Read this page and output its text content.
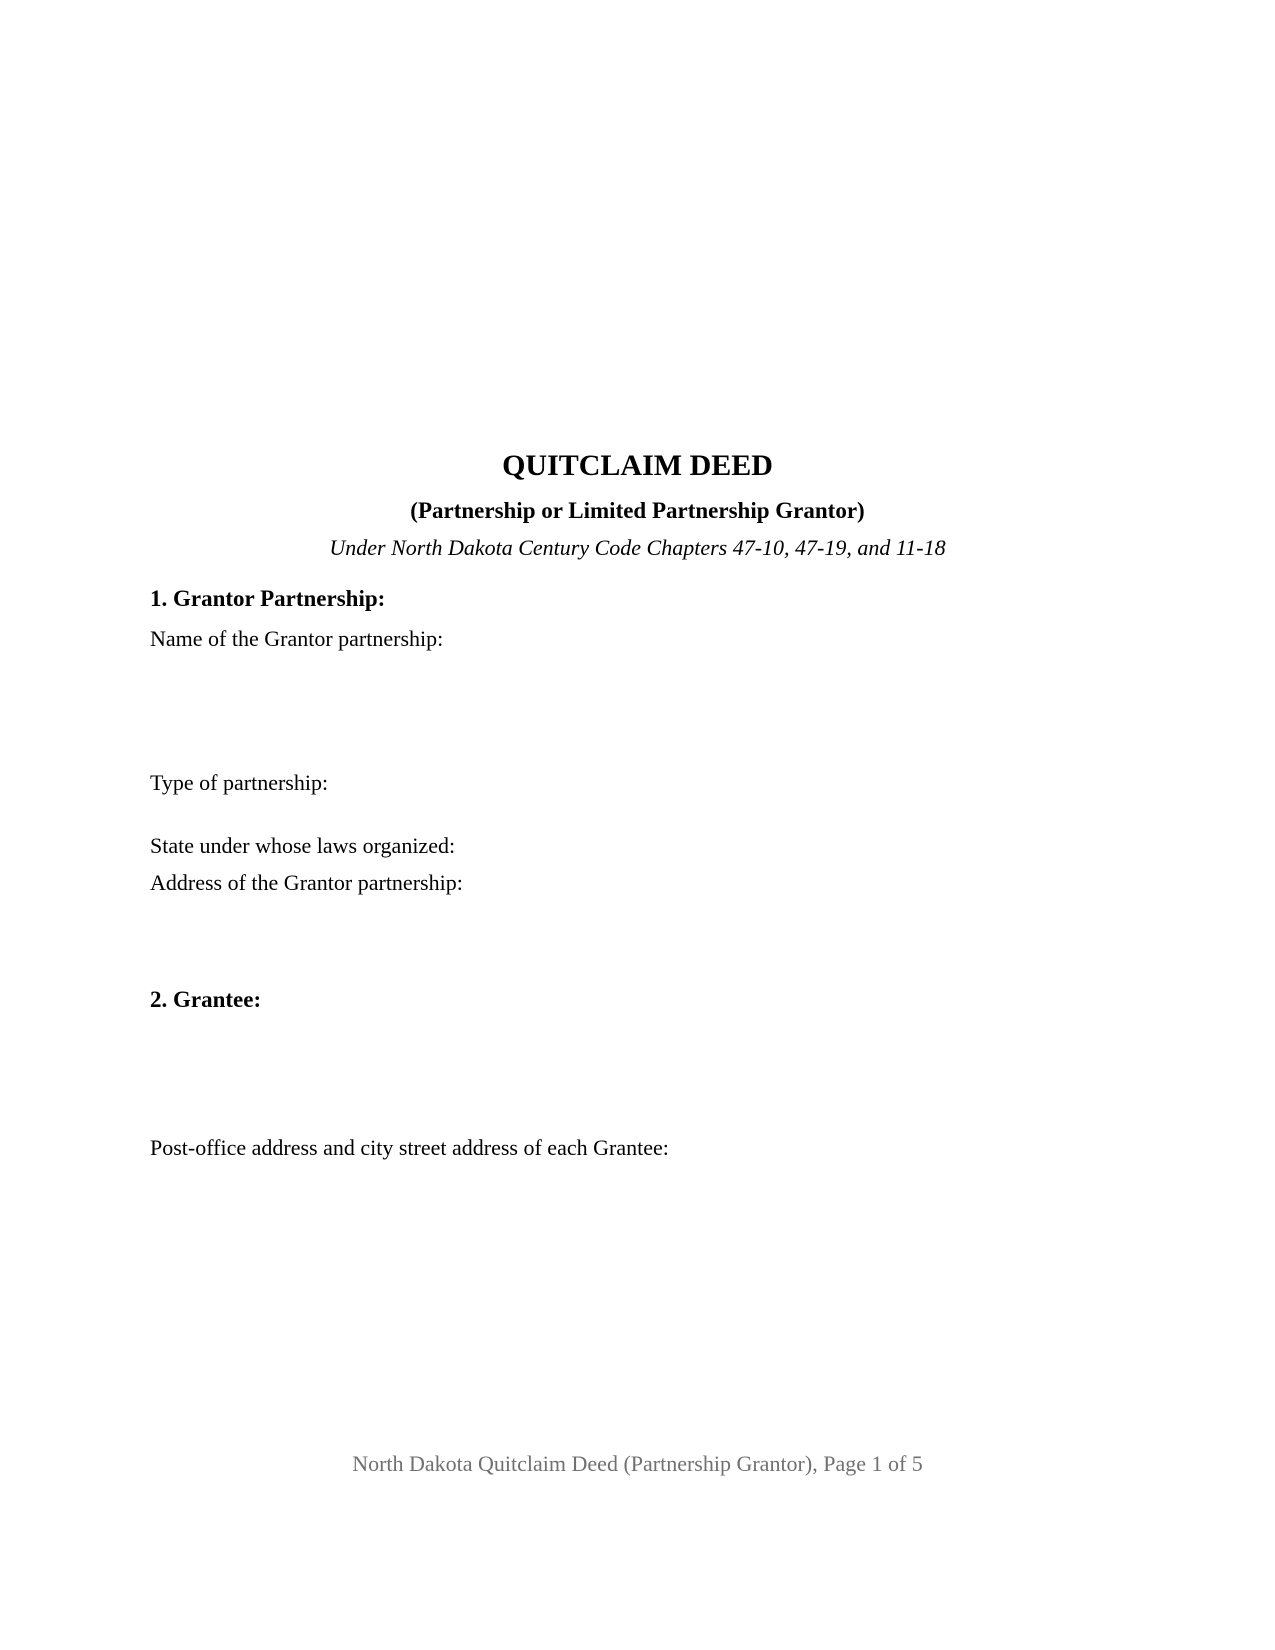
QUITCLAIM DEED
(Partnership or Limited Partnership Grantor)
Under North Dakota Century Code Chapters 47-10, 47-19, and 11-18
1. Grantor Partnership:
Name of the Grantor partnership:
Type of partnership:
State under whose laws organized:
Address of the Grantor partnership:
2. Grantee:
Post-office address and city street address of each Grantee:
North Dakota Quitclaim Deed (Partnership Grantor), Page 1 of 5
